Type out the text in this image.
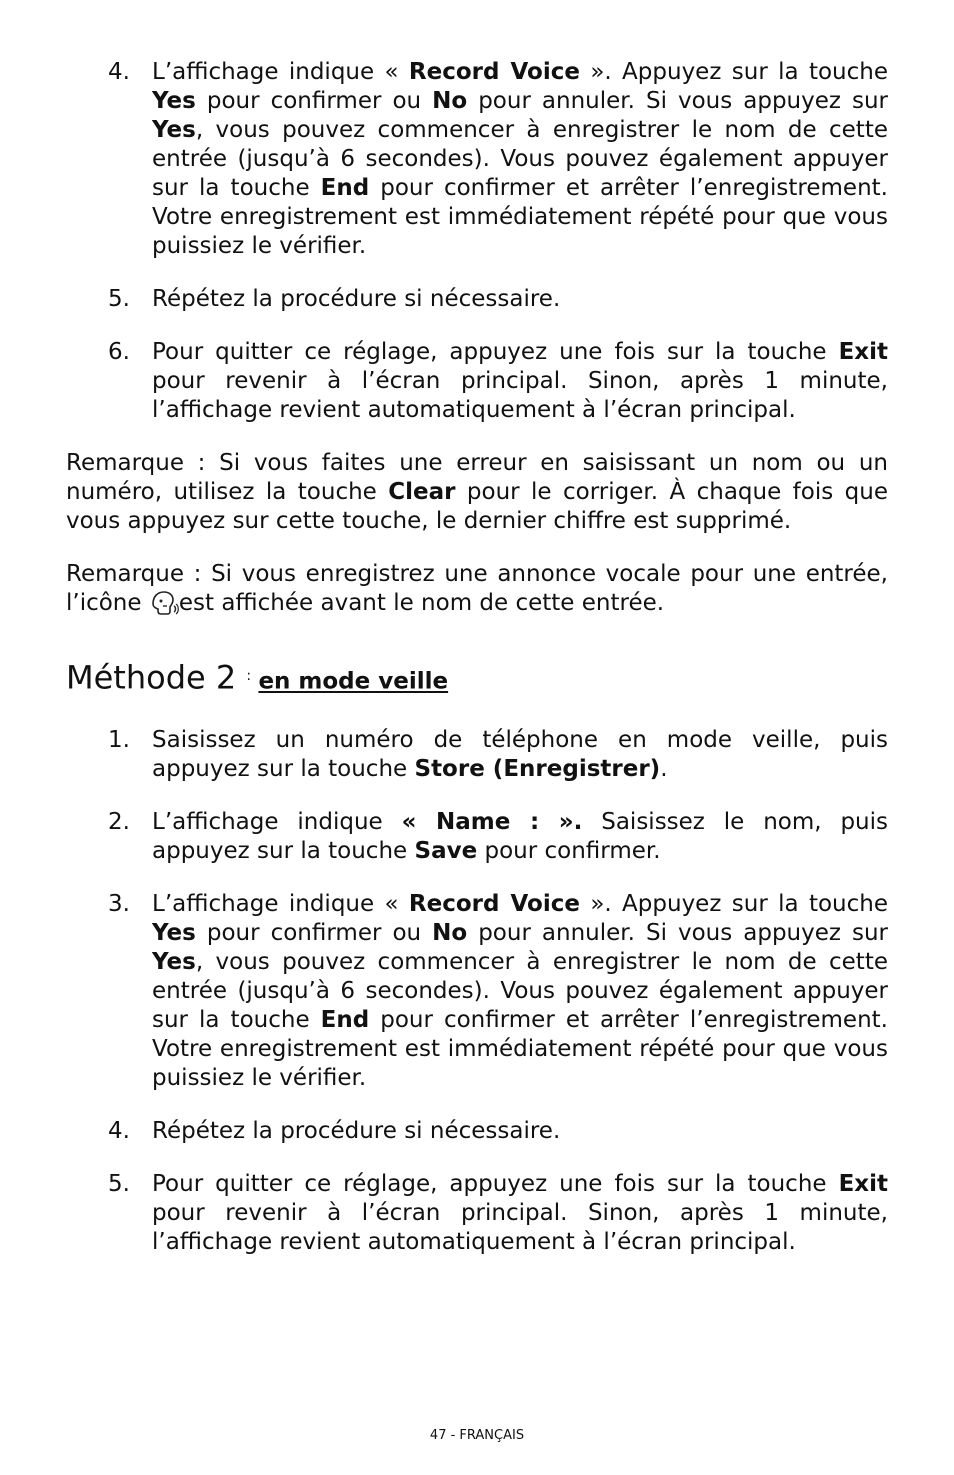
4. L’affichage indique « Record Voice ». Appuyez sur la touche Yes pour confirmer ou No pour annuler. Si vous appuyez sur Yes, vous pouvez commencer à enregistrer le nom de cette entrée (jusqu’à 6 secondes). Vous pouvez également appuyer sur la touche End pour confirmer et arrêter l’enregistrement. Votre enregistrement est immédiatement répété pour que vous puissiez le vérifier.
5. Répétez la procédure si nécessaire.
6. Pour quitter ce réglage, appuyez une fois sur la touche Exit pour revenir à l’écran principal. Sinon, après 1 minute, l’affichage revient automatiquement à l’écran principal.

Remarque : Si vous faites une erreur en saisissant un nom ou un numéro, utilisez la touche Clear pour le corriger. À chaque fois que vous appuyez sur cette touche, le dernier chiffre est supprimé.

Remarque : Si vous enregistrez une annonce vocale pour une entrée, l’icône est affichée avant le nom de cette entrée.

Méthode 2 : en mode veille
1. Saisissez un numéro de téléphone en mode veille, puis appuyez sur la touche Store (Enregistrer).
2. L’affichage indique « Name : ». Saisissez le nom, puis appuyez sur la touche Save pour confirmer.
3. L’affichage indique « Record Voice ». Appuyez sur la touche Yes pour confirmer ou No pour annuler. Si vous appuyez sur Yes, vous pouvez commencer à enregistrer le nom de cette entrée (jusqu’à 6 secondes). Vous pouvez également appuyer sur la touche End pour confirmer et arrêter l’enregistrement. Votre enregistrement est immédiatement répété pour que vous puissiez le vérifier.
4. Répétez la procédure si nécessaire.
5. Pour quitter ce réglage, appuyez une fois sur la touche Exit pour revenir à l’écran principal. Sinon, après 1 minute, l’affichage revient automatiquement à l’écran principal.
47 - FRANÇAIS
